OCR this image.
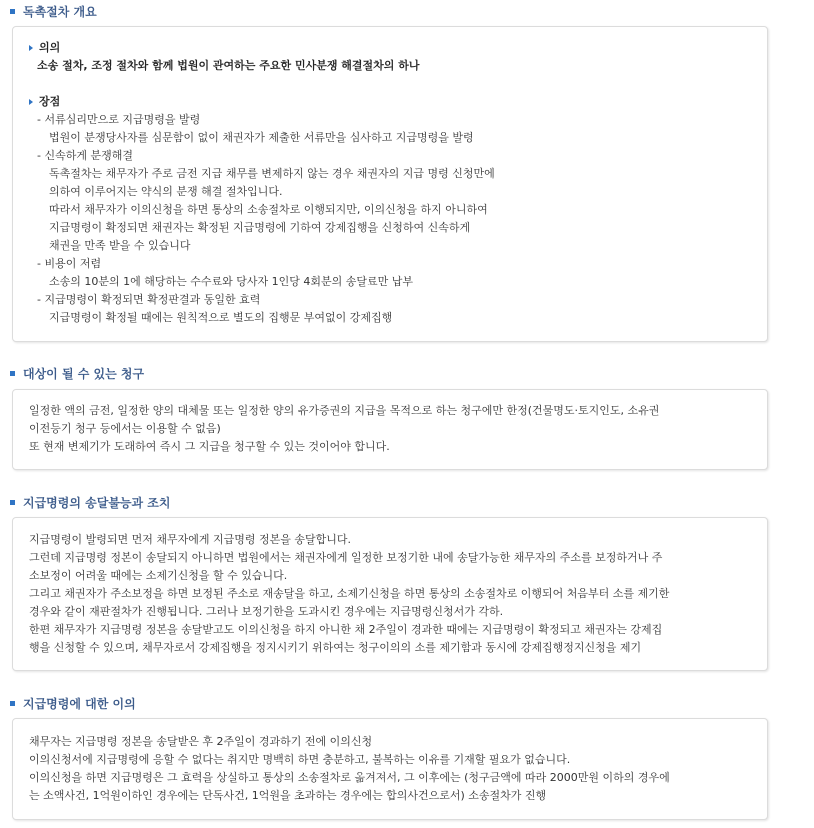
독촉절차 개요
의의
소송 절차, 조정 절차와 함께 법원이 관여하는 주요한 민사분쟁 해결절차의 하나
장점
- 서류심리만으로 지급명령을 발령
법원이 분쟁당사자를 심문함이 없이 채권자가 제출한 서류만을 심사하고 지급명령을 발령
- 신속하게 분쟁해결
독촉절차는 채무자가 주로 금전 지급 채무를 변제하지 않는 경우 채권자의 지급 명령 신청만에
의하여 이루어지는 약식의 분쟁 해결 절차입니다.
따라서 채무자가 이의신청을 하면 통상의 소송절차로 이행되지만, 이의신청을 하지 아니하여
지급명령이 확정되면 채권자는 확정된 지급명령에 기하여 강제집행을 신청하여 신속하게
채권을 만족 받을 수 있습니다
- 비용이 저렴
소송의 10분의 1에 해당하는 수수료와 당사자 1인당 4회분의 송달료만 납부
- 지급명령이 확정되면 확정판결과 동일한 효력
지급명령이 확정될 때에는 원칙적으로 별도의 집행문 부여없이 강제집행
대상이 될 수 있는 청구
일정한 액의 금전, 일정한 양의 대체물 또는 일정한 양의 유가증권의 지급을 목적으로 하는 청구에만 한정(건물명도·토지인도, 소유권
이전등기 청구 등에서는 이용할 수 없음)
또 현재 변제기가 도래하여 즉시 그 지급을 청구할 수 있는 것이어야 합니다.
지급명령의 송달불능과 조치
지급명령이 발령되면 먼저 채무자에게 지급명령 정본을 송달합니다.
그런데 지급명령 정본이 송달되지 아니하면 법원에서는 채권자에게 일정한 보정기한 내에 송달가능한 채무자의 주소를 보정하거나 주
소보정이 어려울 때에는 소제기신청을 할 수 있습니다.
그리고 채권자가 주소보정을 하면 보정된 주소로 재송달을 하고, 소제기신청을 하면 통상의 소송절차로 이행되어 처음부터 소를 제기한
경우와 같이 재판절차가 진행됩니다. 그러나 보정기한을 도과시킨 경우에는 지급명령신청서가 각하.
한편 채무자가 지급명령 정본을 송달받고도 이의신청을 하지 아니한 채 2주일이 경과한 때에는 지급명령이 확정되고 채권자는 강제집
행을 신청할 수 있으며, 채무자로서 강제집행을 정지시키기 위하여는 청구이의의 소를 제기함과 동시에 강제집행정지신청을 제기
지급명령에 대한 이의
채무자는 지급명령 정본을 송달받은 후 2주일이 경과하기 전에 이의신청
이의신청서에 지급명령에 응할 수 없다는 취지만 명백히 하면 충분하고, 불복하는 이유를 기재할 필요가 없습니다.
이의신청을 하면 지급명령은 그 효력을 상실하고 통상의 소송절차로 옮겨져서, 그 이후에는 (청구금액에 따라 2000만원 이하의 경우에
는 소액사건, 1억원이하인 경우에는 단독사건, 1억원을 초과하는 경우에는 합의사건으로서) 소송절차가 진행
